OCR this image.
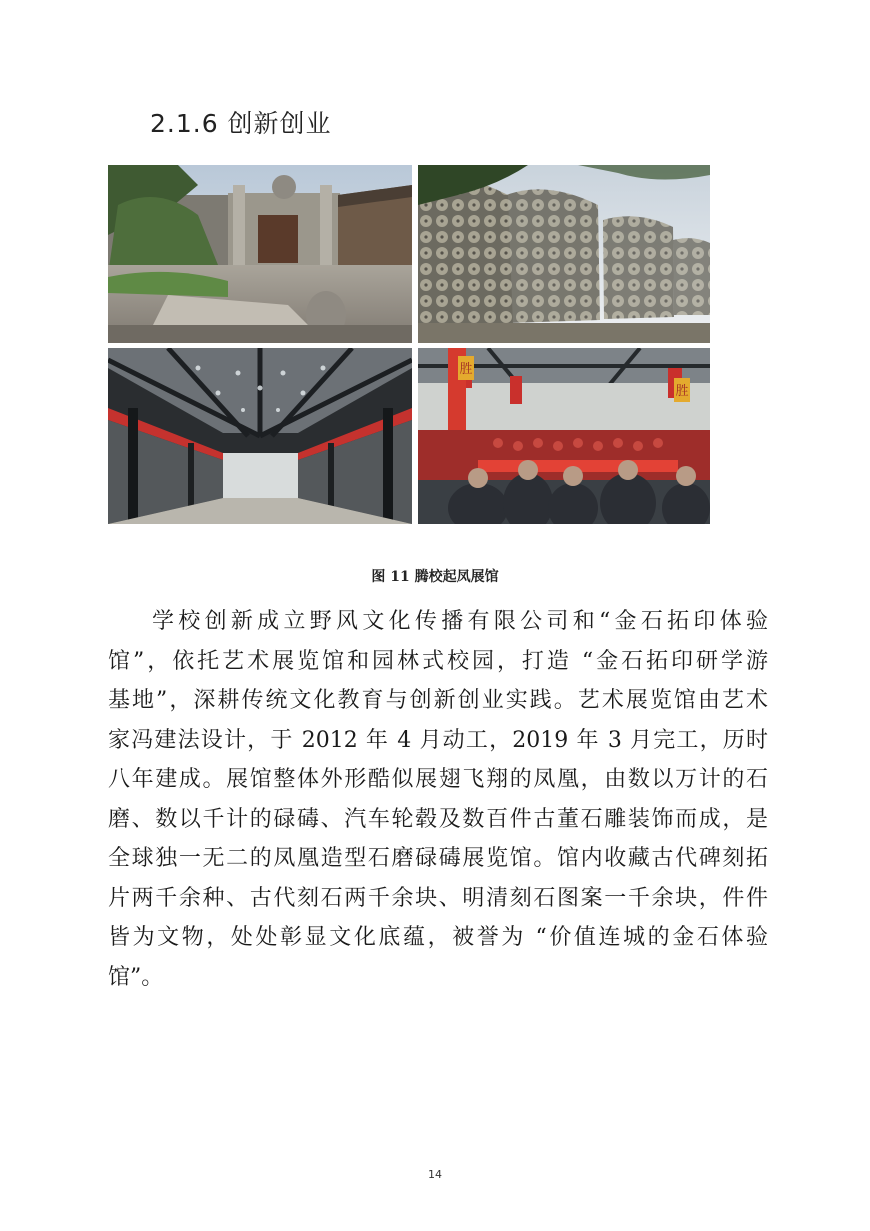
2.1.6 创新创业
胜
胜
图 11 腾校起凤展馆
学校创新成立野风文化传播有限公司和“金石拓印体验
馆”，依托艺术展览馆和园林式校园，打造 “金石拓印研学游
基地”，深耕传统文化教育与创新创业实践。艺术展览馆由艺术
家冯建法设计，于 2012 年 4 月动工，2019 年 3 月完工，历时
八年建成。展馆整体外形酷似展翅飞翔的凤凰，由数以万计的石
磨、数以千计的碌碡、汽车轮毂及数百件古董石雕装饰而成，是
全球独一无二的凤凰造型石磨碌碡展览馆。馆内收藏古代碑刻拓
片两千余种、古代刻石两千余块、明清刻石图案一千余块，件件
皆为文物，处处彰显文化底蕴，被誉为 “价值连城的金石体验
馆”。
14
